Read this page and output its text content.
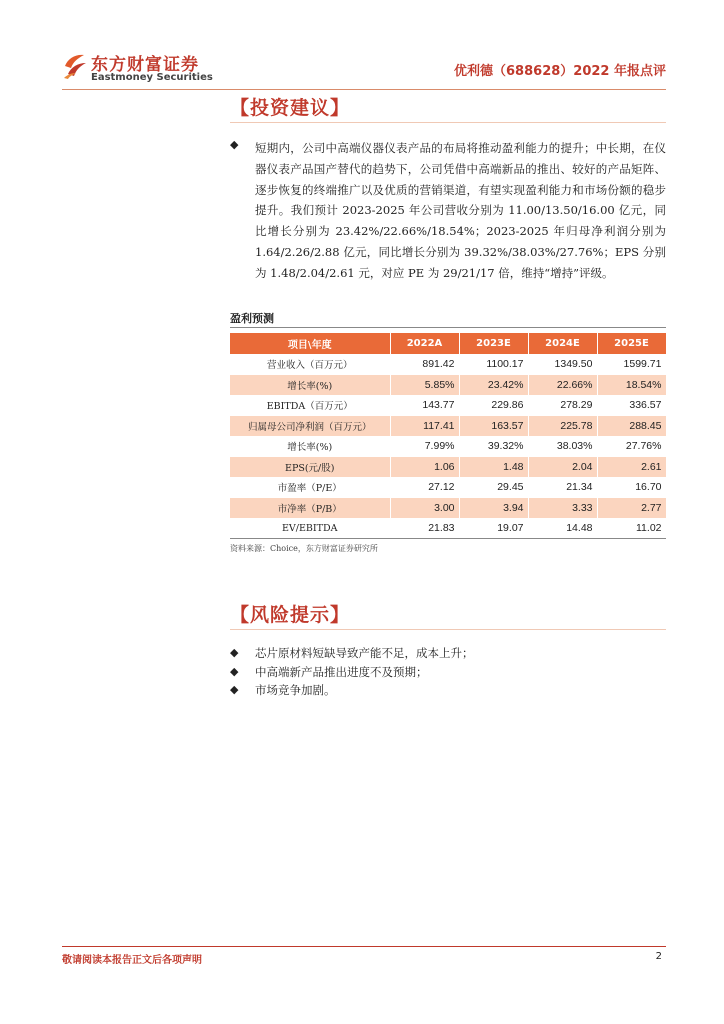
东方财富证券
Eastmoney Securities	优利德（688628）2022 年报点评
【投资建议】
◆ 短期内，公司中高端仪器仪表产品的布局将推动盈利能力的提升；中长期，在仪器仪表产品国产替代的趋势下，公司凭借中高端新品的推出、较好的产品矩阵、逐步恢复的终端推广以及优质的营销渠道，有望实现盈利能力和市场份额的稳步提升。我们预计 2023-2025 年公司营收分别为 11.00/13.50/16.00 亿元，同比增长分别为 23.42%/22.66%/18.54%；2023-2025 年归母净利润分别为 1.64/2.26/2.88 亿元，同比增长分别为 39.32%/38.03%/27.76%；EPS 分别为 1.48/2.04/2.61 元，对应 PE 为 29/21/17 倍，维持“增持”评级。
盈利预测
项目\年度	2022A	2023E	2024E	2025E
营业收入（百万元）	891.42	1100.17	1349.50	1599.71
增长率(%)	5.85%	23.42%	22.66%	18.54%
EBITDA（百万元）	143.77	229.86	278.29	336.57
归属母公司净利润（百万元）	117.41	163.57	225.78	288.45
增长率(%)	7.99%	39.32%	38.03%	27.76%
EPS(元/股)	1.06	1.48	2.04	2.61
市盈率（P/E）	27.12	29.45	21.34	16.70
市净率（P/B）	3.00	3.94	3.33	2.77
EV/EBITDA	21.83	19.07	14.48	11.02
资料来源：Choice，东方财富证券研究所
【风险提示】
◆ 芯片原材料短缺导致产能不足，成本上升；
◆ 中高端新产品推出进度不及预期；
◆ 市场竞争加剧。
敬请阅读本报告正文后各项声明	2
